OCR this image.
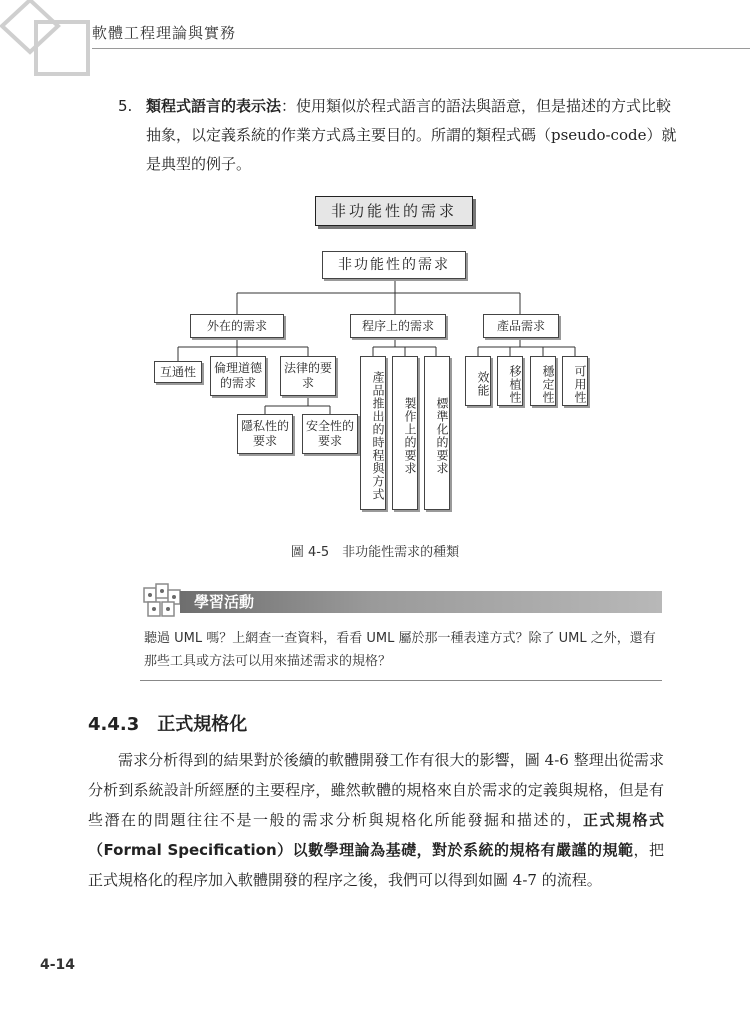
軟體工程理論與實務
5. 類程式語言的表示法：使用類似於程式語言的語法與語意，但是描述的方式比較抽象，以定義系統的作業方式爲主要目的。所謂的類程式碼（pseudo-code）就是典型的例子。
非功能性的需求
非功能性的需求
外在的需求	程序上的需求	產品需求
互通性	倫理道德的需求
法律的要求
隱私性的要求
安全性的要求	產品推出的時程與方式	製作上的要求	標準化的要求
效能	移植性	穩定性	可用性
圖 4-5　非功能性需求的種類
學習活動
聽過 UML 嗎？上網查一查資料，看看 UML 屬於那一種表達方式？除了 UML 之外，還有那些工具或方法可以用來描述需求的規格？
4.4.3 正式規格化

需求分析得到的結果對於後續的軟體開發工作有很大的影響，圖 4-6 整理出從需求分析到系統設計所經歷的主要程序，雖然軟體的規格來自於需求的定義與規格，但是有些潛在的問題往往不是一般的需求分析與規格化所能發掘和描述的，正式規格式（Formal Specification）以數學理論為基礎，對於系統的規格有嚴謹的規範，把正式規格化的程序加入軟體開發的程序之後，我們可以得到如圖 4-7 的流程。

4-14
